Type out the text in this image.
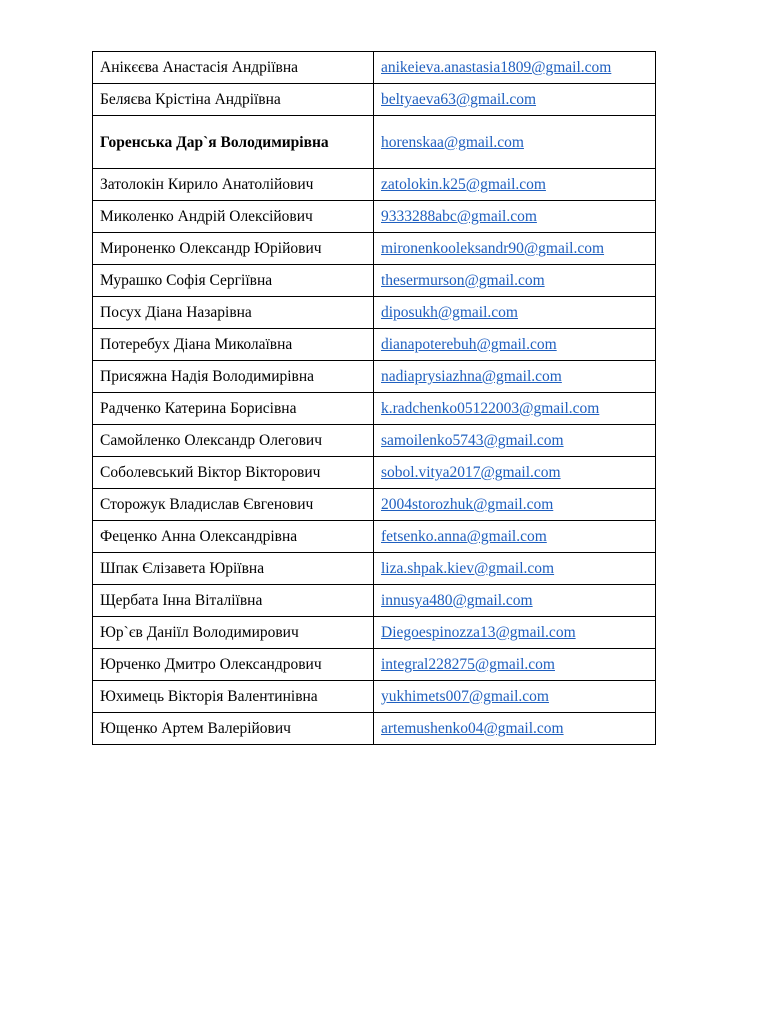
Анікєєва Анастасія Андріївна	anikeieva.anastasia1809@gmail.com
Беляєва Крістіна Андріївна	beltyaeva63@gmail.com
Горенська Дар`я Володимирівна	horenskaa@gmail.com
Затолокін Кирило Анатолійович	zatolokin.k25@gmail.com
Миколенко Андрій Олексійович	9333288abc@gmail.com
Мироненко Олександр Юрійович	mironenkooleksandr90@gmail.com
Мурашко Софія Сергіївна	thesermurson@gmail.com
Посух Діана Назарівна	diposukh@gmail.com
Потеребух Діана Миколаївна	dianapoterebuh@gmail.com
Присяжна Надія Володимирівна	nadiaprysiazhna@gmail.com
Радченко Катерина Борисівна	k.radchenko05122003@gmail.com
Самойленко Олександр Олегович	samoilenko5743@gmail.com
Соболевський Віктор Вікторович	sobol.vitya2017@gmail.com
Сторожук Владислав Євгенович	2004storozhuk@gmail.com
Феценко Анна Олександрівна	fetsenko.anna@gmail.com
Шпак Єлізавета Юріївна	liza.shpak.kiev@gmail.com
Щербата Інна Віталіївна	innusya480@gmail.com
Юр`єв Даніїл Володимирович	Diegoespinozza13@gmail.com
Юрченко Дмитро Олександрович	integral228275@gmail.com
Юхимець Вікторія Валентинівна	yukhimets007@gmail.com
Ющенко Артем Валерійович	artemushenko04@gmail.com
